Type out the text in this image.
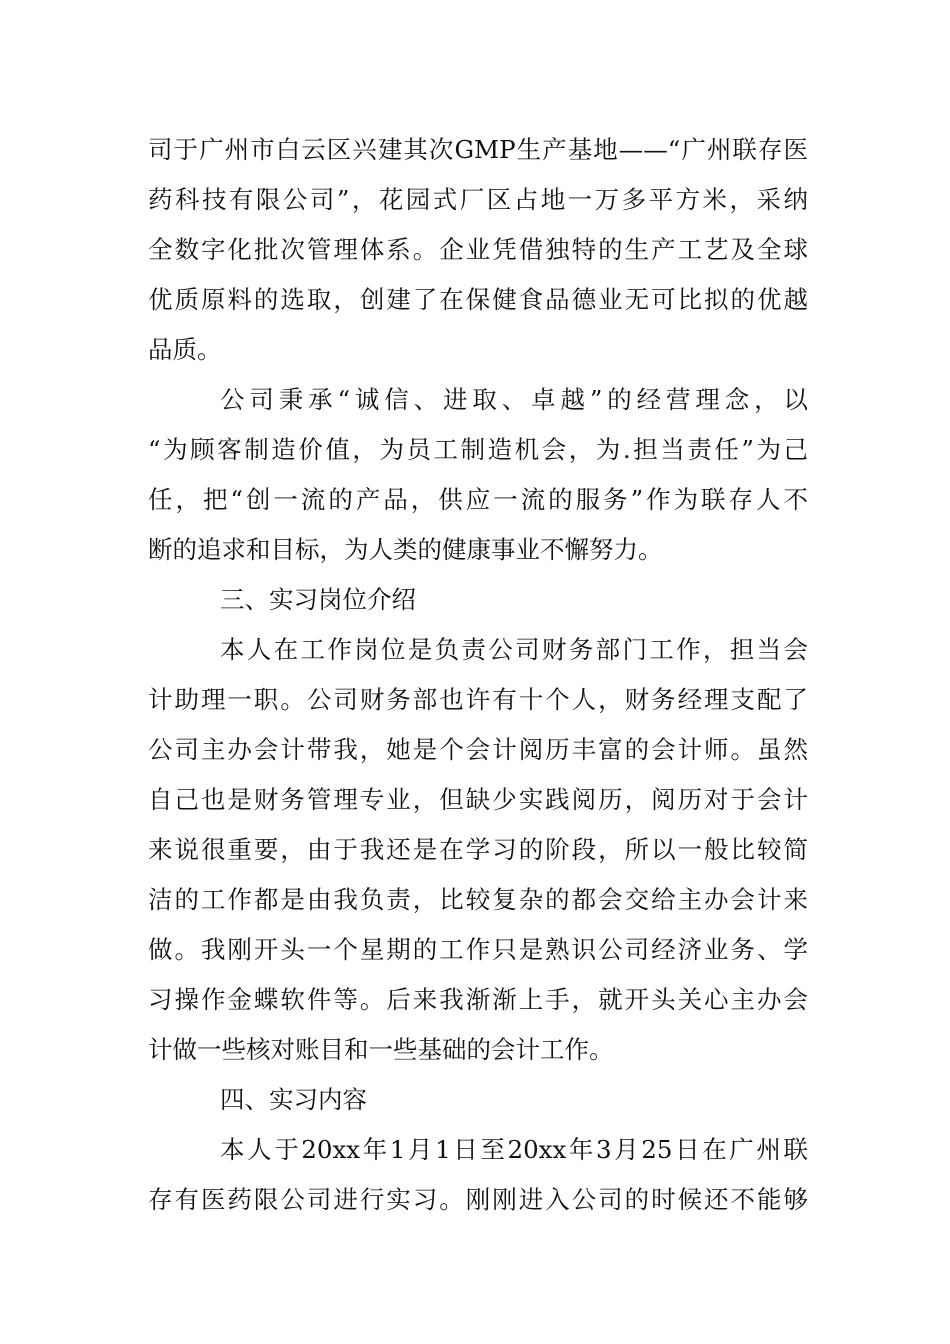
司于广州市白云区兴建其次GMP生产基地——“广州联存医
药科技有限公司”，花园式厂区占地一万多平方米，采纳
全数字化批次管理体系。企业凭借独特的生产工艺及全球
优质原料的选取，创建了在保健食品德业无可比拟的优越
品质。
公司秉承“诚信、进取、卓越”的经营理念，以
“为顾客制造价值，为员工制造机会，为.担当责任”为己
任，把“创一流的产品，供应一流的服务”作为联存人不
断的追求和目标，为人类的健康事业不懈努力。
三、实习岗位介绍
本人在工作岗位是负责公司财务部门工作，担当会
计助理一职。公司财务部也许有十个人，财务经理支配了
公司主办会计带我，她是个会计阅历丰富的会计师。虽然
自己也是财务管理专业，但缺少实践阅历，阅历对于会计
来说很重要，由于我还是在学习的阶段，所以一般比较简
洁的工作都是由我负责，比较复杂的都会交给主办会计来
做。我刚开头一个星期的工作只是熟识公司经济业务、学
习操作金蝶软件等。后来我渐渐上手，就开头关心主办会
计做一些核对账目和一些基础的会计工作。
四、实习内容
本人于20xx年1月1日至20xx年3月25日在广州联
存有医药限公司进行实习。刚刚进入公司的时候还不能够
